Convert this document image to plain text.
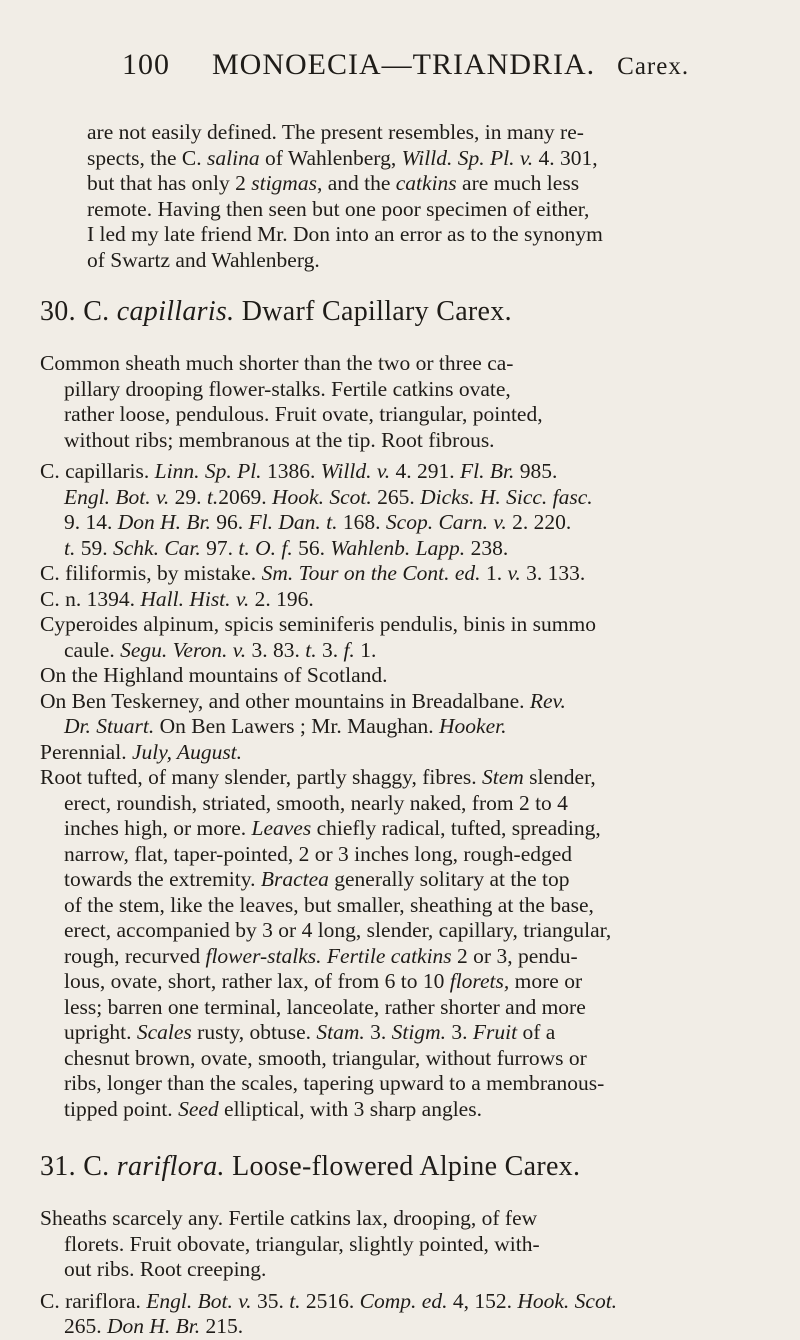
100 MONOECIA—TRIANDRIA. Carex.

are not easily defined. The present resembles, in many re-

spects, the C. salina of Wahlenberg, Willd. Sp. Pl. v. 4. 301,

but that has only 2 stigmas, and the catkins are much less

remote. Having then seen but one poor specimen of either,

I led my late friend Mr. Don into an error as to the synonym

of Swartz and Wahlenberg.

30. C. capillaris. Dwarf Capillary Carex.

Common sheath much shorter than the two or three ca-

pillary drooping flower-stalks. Fertile catkins ovate,

rather loose, pendulous. Fruit ovate, triangular, pointed,

without ribs; membranous at the tip. Root fibrous.

C. capillaris. Linn. Sp. Pl. 1386. Willd. v. 4. 291. Fl. Br. 985.

Engl. Bot. v. 29. t.2069. Hook. Scot. 265. Dicks. H. Sicc. fasc.

9. 14. Don H. Br. 96. Fl. Dan. t. 168. Scop. Carn. v. 2. 220.

t. 59. Schk. Car. 97. t. O. f. 56. Wahlenb. Lapp. 238.

C. filiformis, by mistake. Sm. Tour on the Cont. ed. 1. v. 3. 133.

C. n. 1394. Hall. Hist. v. 2. 196.

Cyperoides alpinum, spicis seminiferis pendulis, binis in summo

caule. Segu. Veron. v. 3. 83. t. 3. f. 1.

On the Highland mountains of Scotland.

On Ben Teskerney, and other mountains in Breadalbane. Rev.

Dr. Stuart. On Ben Lawers ; Mr. Maughan. Hooker.

Perennial. July, August.

Root tufted, of many slender, partly shaggy, fibres. Stem slender,

erect, roundish, striated, smooth, nearly naked, from 2 to 4

inches high, or more. Leaves chiefly radical, tufted, spreading,

narrow, flat, taper-pointed, 2 or 3 inches long, rough-edged

towards the extremity. Bractea generally solitary at the top

of the stem, like the leaves, but smaller, sheathing at the base,

erect, accompanied by 3 or 4 long, slender, capillary, triangular,

rough, recurved flower-stalks. Fertile catkins 2 or 3, pendu-

lous, ovate, short, rather lax, of from 6 to 10 florets, more or

less; barren one terminal, lanceolate, rather shorter and more

upright. Scales rusty, obtuse. Stam. 3. Stigm. 3. Fruit of a

chesnut brown, ovate, smooth, triangular, without furrows or

ribs, longer than the scales, tapering upward to a membranous-

tipped point. Seed elliptical, with 3 sharp angles.

31. C. rariflora. Loose-flowered Alpine Carex.

Sheaths scarcely any. Fertile catkins lax, drooping, of few

florets. Fruit obovate, triangular, slightly pointed, with-

out ribs. Root creeping.

C. rariflora. Engl. Bot. v. 35. t. 2516. Comp. ed. 4, 152. Hook. Scot.

265. Don H. Br. 215.
